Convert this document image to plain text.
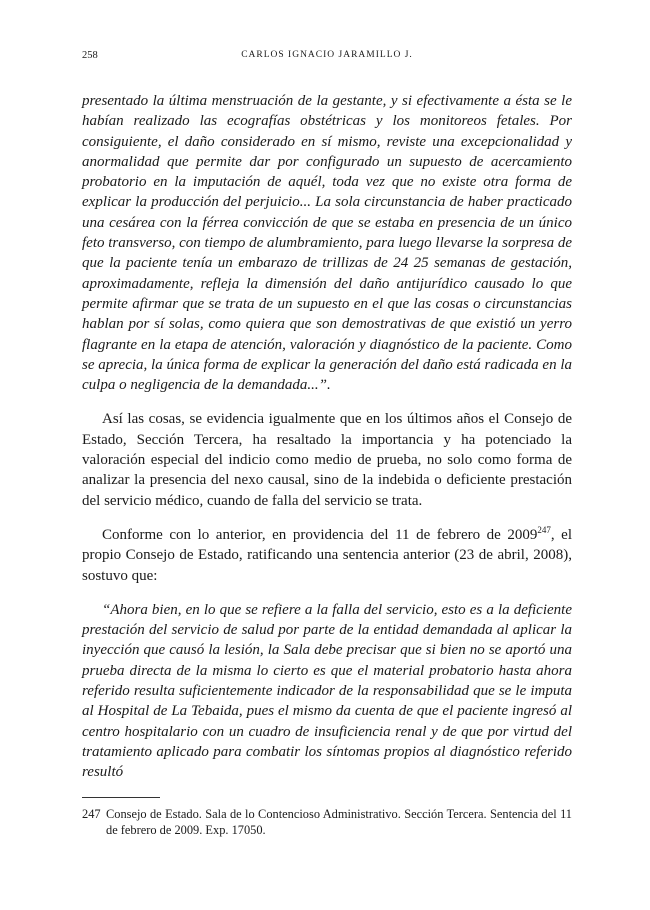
258	CARLOS IGNACIO JARAMILLO J.

presentado la última menstruación de la gestante, y si efectivamente a ésta se le habían realizado las ecografías obstétricas y los monitoreos fetales. Por consiguiente, el daño considerado en sí mismo, reviste una excepcionalidad y anormalidad que permite dar por configurado un supuesto de acercamiento probatorio en la imputación de aquél, toda vez que no existe otra forma de explicar la producción del perjuicio... La sola circunstancia de haber practicado una cesárea con la férrea convicción de que se estaba en presencia de un único feto transverso, con tiempo de alumbramiento, para luego llevarse la sorpresa de que la paciente tenía un embarazo de trillizas de 24 25 semanas de gestación, aproximadamente, refleja la dimensión del daño antijurídico causado lo que permite afirmar que se trata de un supuesto en el que las cosas o circunstancias hablan por sí solas, como quiera que son demostrativas de que existió un yerro flagrante en la etapa de atención, valoración y diagnóstico de la paciente. Como se aprecia, la única forma de explicar la generación del daño está radicada en la culpa o negligencia de la demandada...”.

Así las cosas, se evidencia igualmente que en los últimos años el Consejo de Estado, Sección Tercera, ha resaltado la importancia y ha potenciado la valoración especial del indicio como medio de prueba, no solo como forma de analizar la presencia del nexo causal, sino de la indebida o deficiente prestación del servicio médico, cuando de falla del servicio se trata.

Conforme con lo anterior, en providencia del 11 de febrero de 2009$^{247}$, el propio Consejo de Estado, ratificando una sentencia anterior (23 de abril, 2008), sostuvo que:

“Ahora bien, en lo que se refiere a la falla del servicio, esto es a la deficiente prestación del servicio de salud por parte de la entidad demandada al aplicar la inyección que causó la lesión, la Sala debe precisar que si bien no se aportó una prueba directa de la misma lo cierto es que el material probatorio hasta ahora referido resulta suficientemente indicador de la responsabilidad que se le imputa al Hospital de La Tebaida, pues el mismo da cuenta de que el paciente ingresó al centro hospitalario con un cuadro de insuficiencia renal y de que por virtud del tratamiento aplicado para combatir los síntomas propios al diagnóstico referido resultó

247 Consejo de Estado. Sala de lo Contencioso Administrativo. Sección Tercera. Sentencia del 11 de febrero de 2009. Exp. 17050.
